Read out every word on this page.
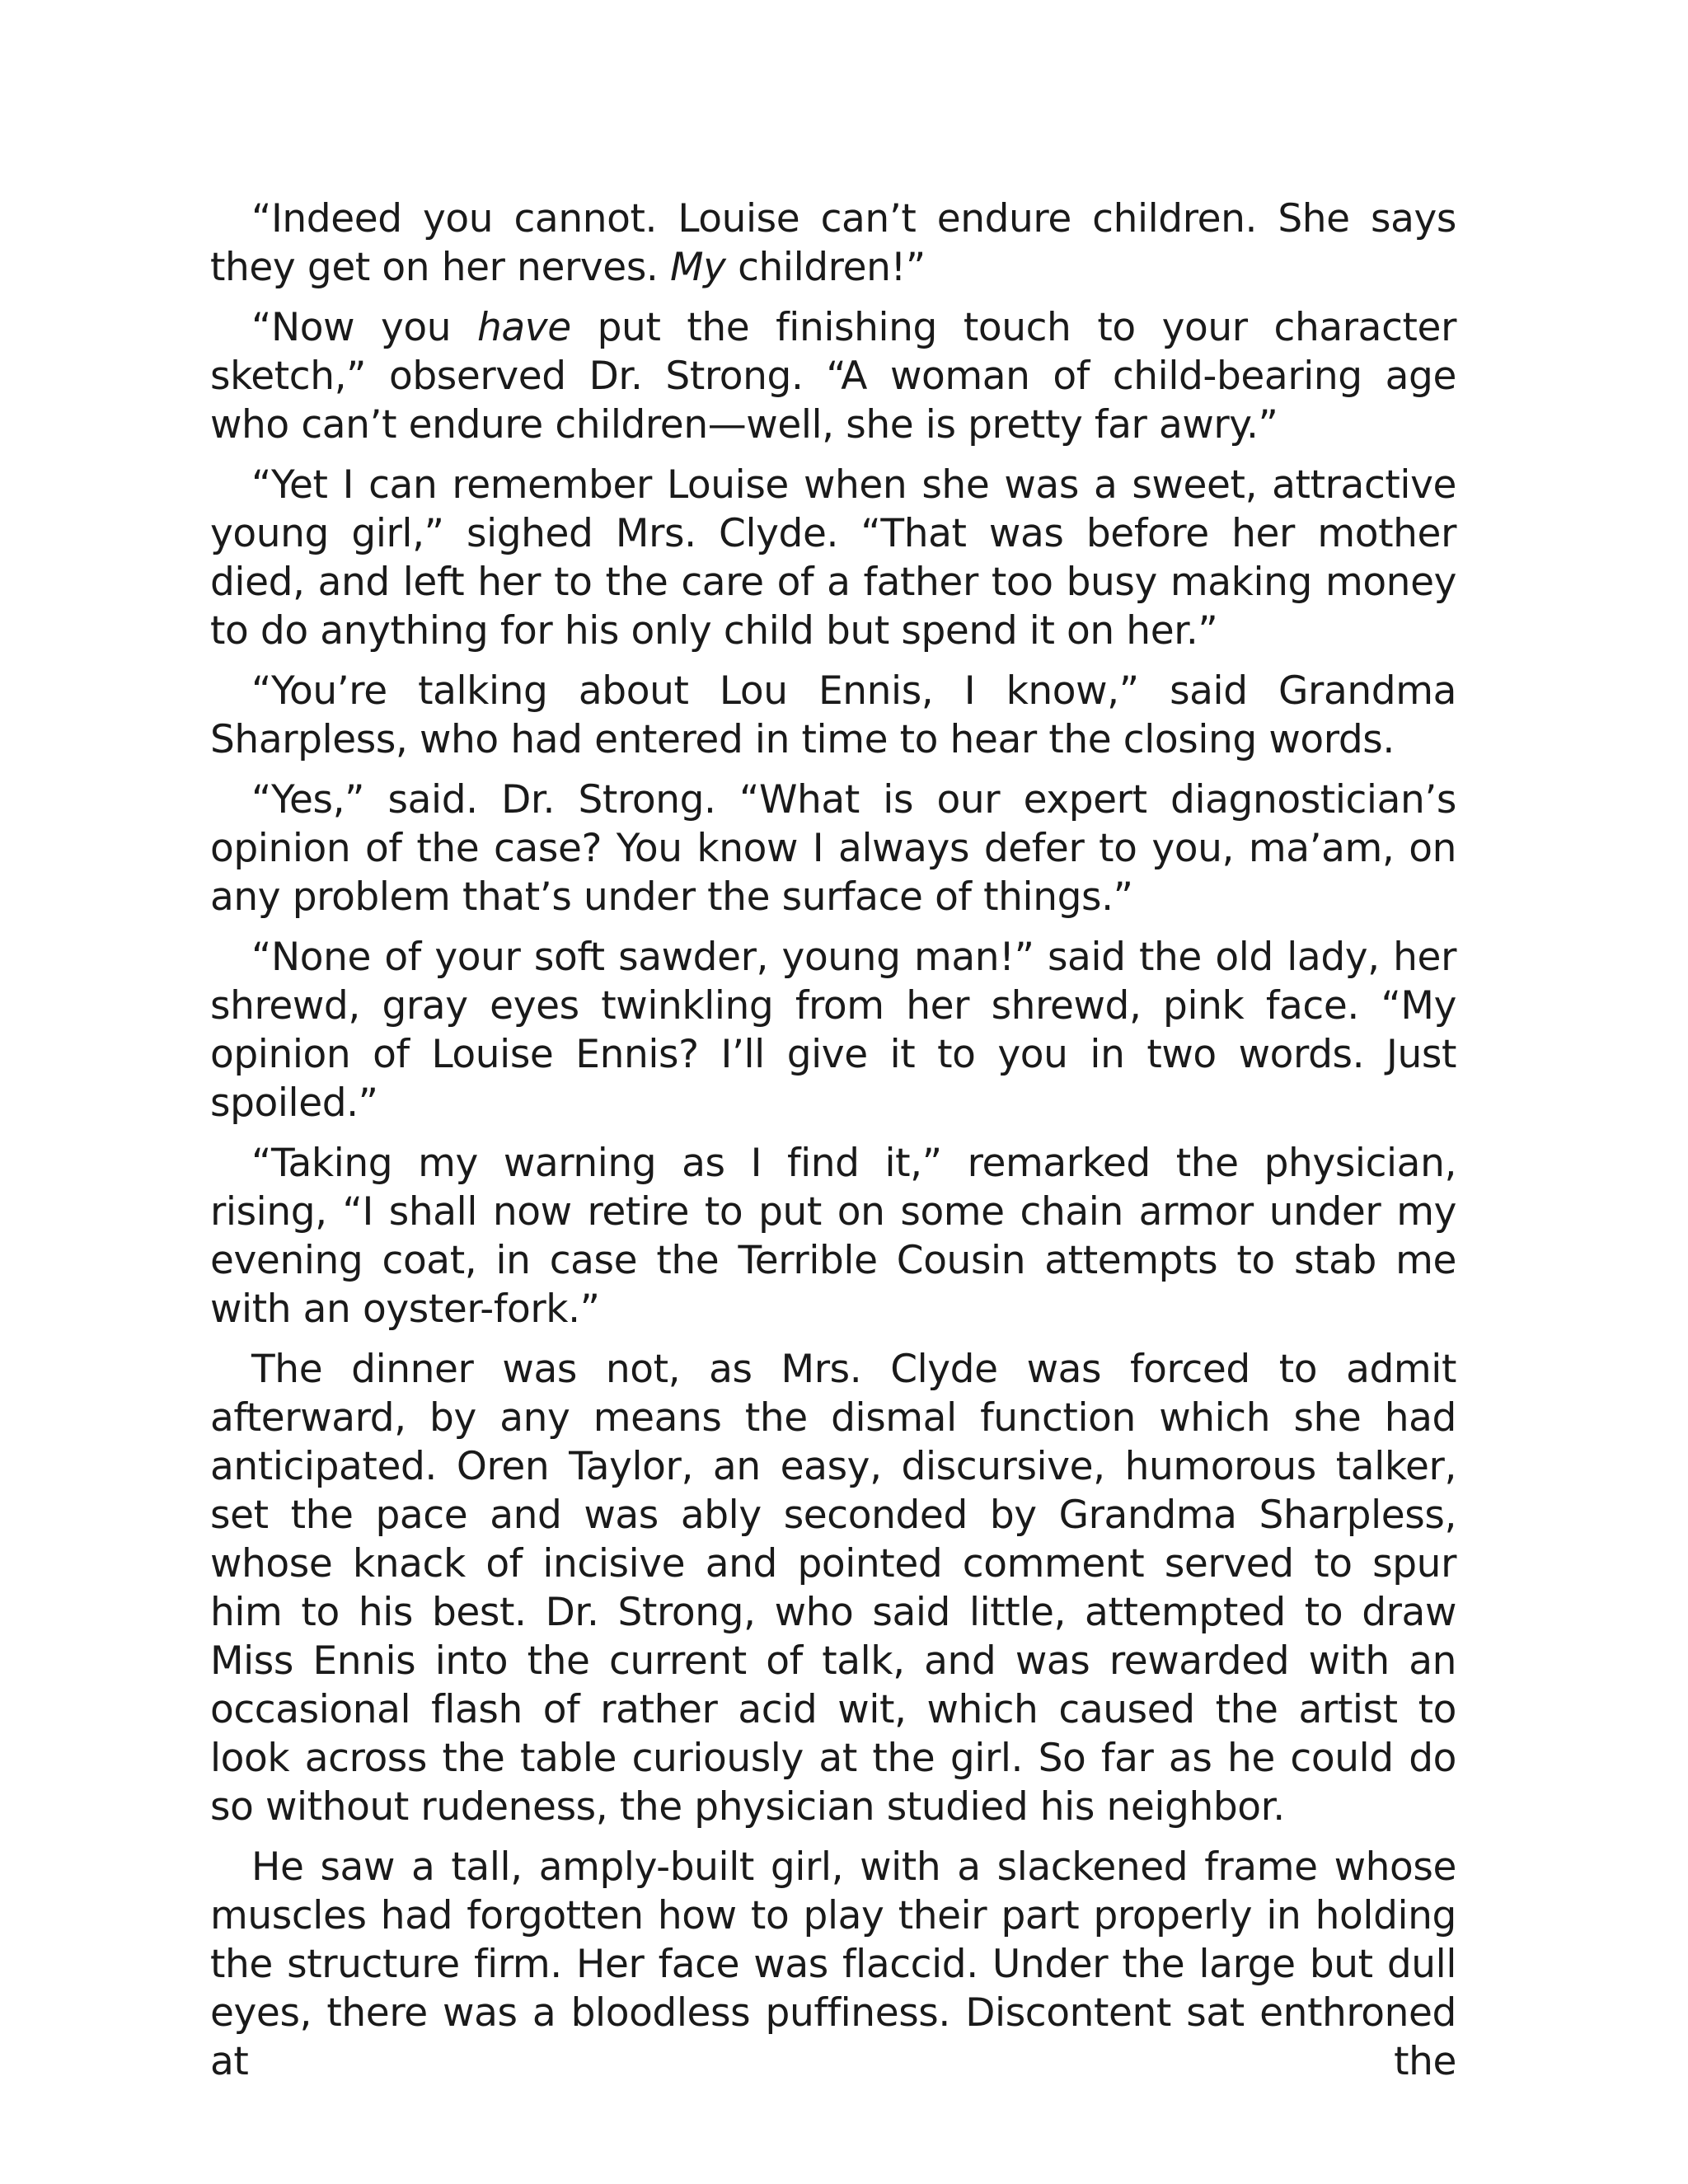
“Indeed you cannot. Louise can’t endure children. She says they get on her nerves. My children!”

“Now you have put the finishing touch to your character sketch,” observed Dr. Strong. “A woman of child-bearing age who can’t endure children—well, she is pretty far awry.”

“Yet I can remember Louise when she was a sweet, attractive young girl,” sighed Mrs. Clyde. “That was before her mother died, and left her to the care of a father too busy making money to do anything for his only child but spend it on her.”

“You’re talking about Lou Ennis, I know,” said Grandma Sharpless, who had entered in time to hear the closing words.

“Yes,” said. Dr. Strong. “What is our expert diagnostician’s opinion of the case? You know I always defer to you, ma’am, on any problem that’s under the surface of things.”

“None of your soft sawder, young man!” said the old lady, her shrewd, gray eyes twinkling from her shrewd, pink face. “My opinion of Louise Ennis? I’ll give it to you in two words. Just spoiled.”

“Taking my warning as I find it,” remarked the physician, rising, “I shall now retire to put on some chain armor under my evening coat, in case the Terrible Cousin attempts to stab me with an oyster-fork.”

The dinner was not, as Mrs. Clyde was forced to admit afterward, by any means the dismal function which she had anticipated. Oren Taylor, an easy, discursive, humorous talker, set the pace and was ably seconded by Grandma Sharpless, whose knack of incisive and pointed comment served to spur him to his best. Dr. Strong, who said little, attempted to draw Miss Ennis into the current of talk, and was rewarded with an occasional flash of rather acid wit, which caused the artist to look across the table curiously at the girl. So far as he could do so without rudeness, the physician studied his neighbor.

He saw a tall, amply-built girl, with a slackened frame whose muscles had forgotten how to play their part properly in holding the structure firm. Her face was flaccid. Under the large but dull eyes, there was a bloodless puffiness. Discontent sat enthroned at the
